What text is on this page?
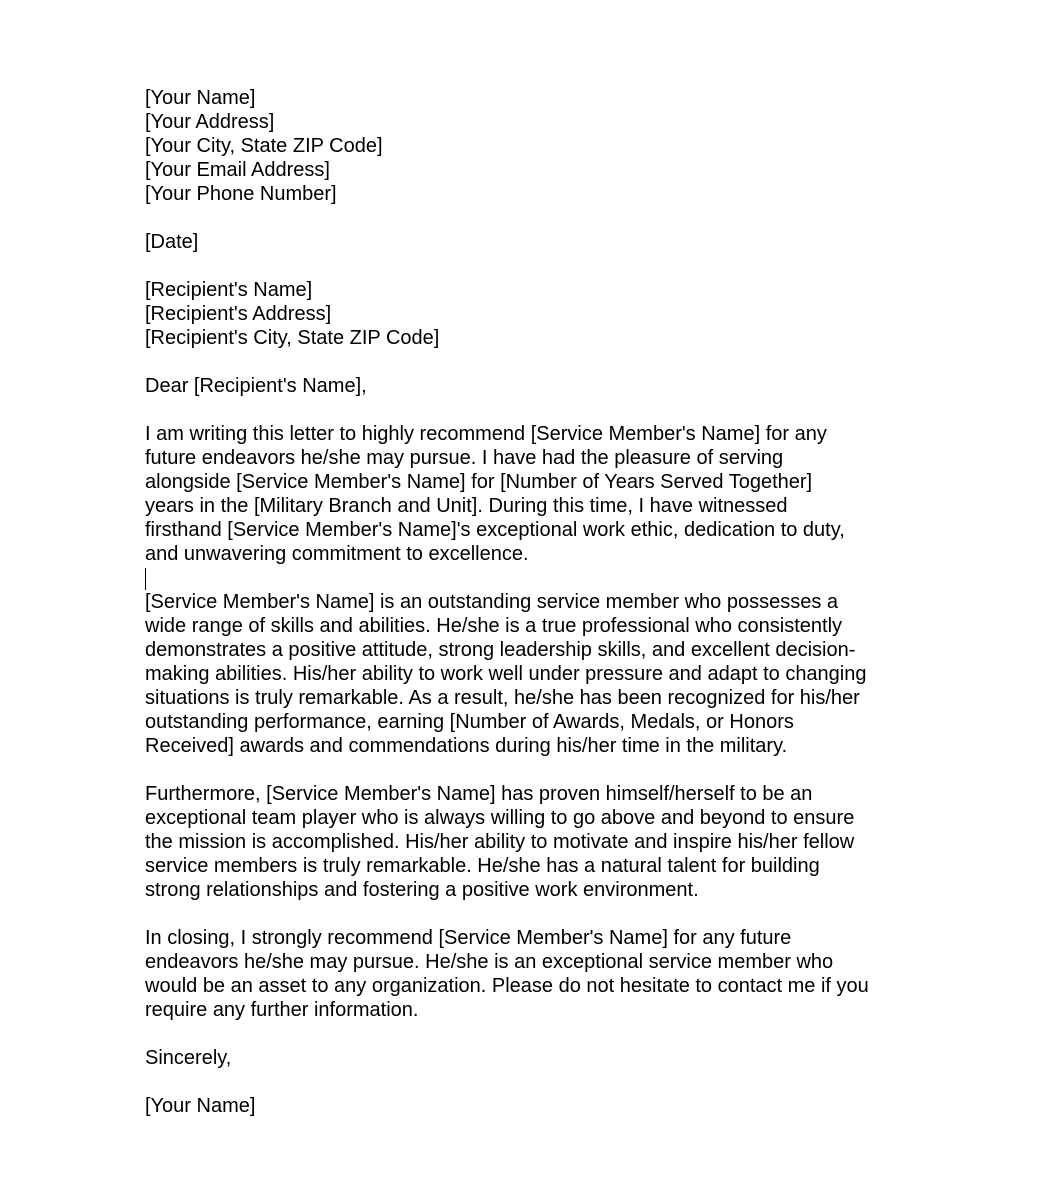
[Your Name]
[Your Address]
[Your City, State ZIP Code]
[Your Email Address]
[Your Phone Number]
[Date]
[Recipient's Name]
[Recipient's Address]
[Recipient's City, State ZIP Code]
Dear [Recipient's Name],
I am writing this letter to highly recommend [Service Member's Name] for any
future endeavors he/she may pursue. I have had the pleasure of serving
alongside [Service Member's Name] for [Number of Years Served Together]
years in the [Military Branch and Unit]. During this time, I have witnessed
firsthand [Service Member's Name]'s exceptional work ethic, dedication to duty,
and unwavering commitment to excellence.
[Service Member's Name] is an outstanding service member who possesses a
wide range of skills and abilities. He/she is a true professional who consistently
demonstrates a positive attitude, strong leadership skills, and excellent decision-
making abilities. His/her ability to work well under pressure and adapt to changing
situations is truly remarkable. As a result, he/she has been recognized for his/her
outstanding performance, earning [Number of Awards, Medals, or Honors
Received] awards and commendations during his/her time in the military.
Furthermore, [Service Member's Name] has proven himself/herself to be an
exceptional team player who is always willing to go above and beyond to ensure
the mission is accomplished. His/her ability to motivate and inspire his/her fellow
service members is truly remarkable. He/she has a natural talent for building
strong relationships and fostering a positive work environment.
In closing, I strongly recommend [Service Member's Name] for any future
endeavors he/she may pursue. He/she is an exceptional service member who
would be an asset to any organization. Please do not hesitate to contact me if you
require any further information.
Sincerely,
[Your Name]
